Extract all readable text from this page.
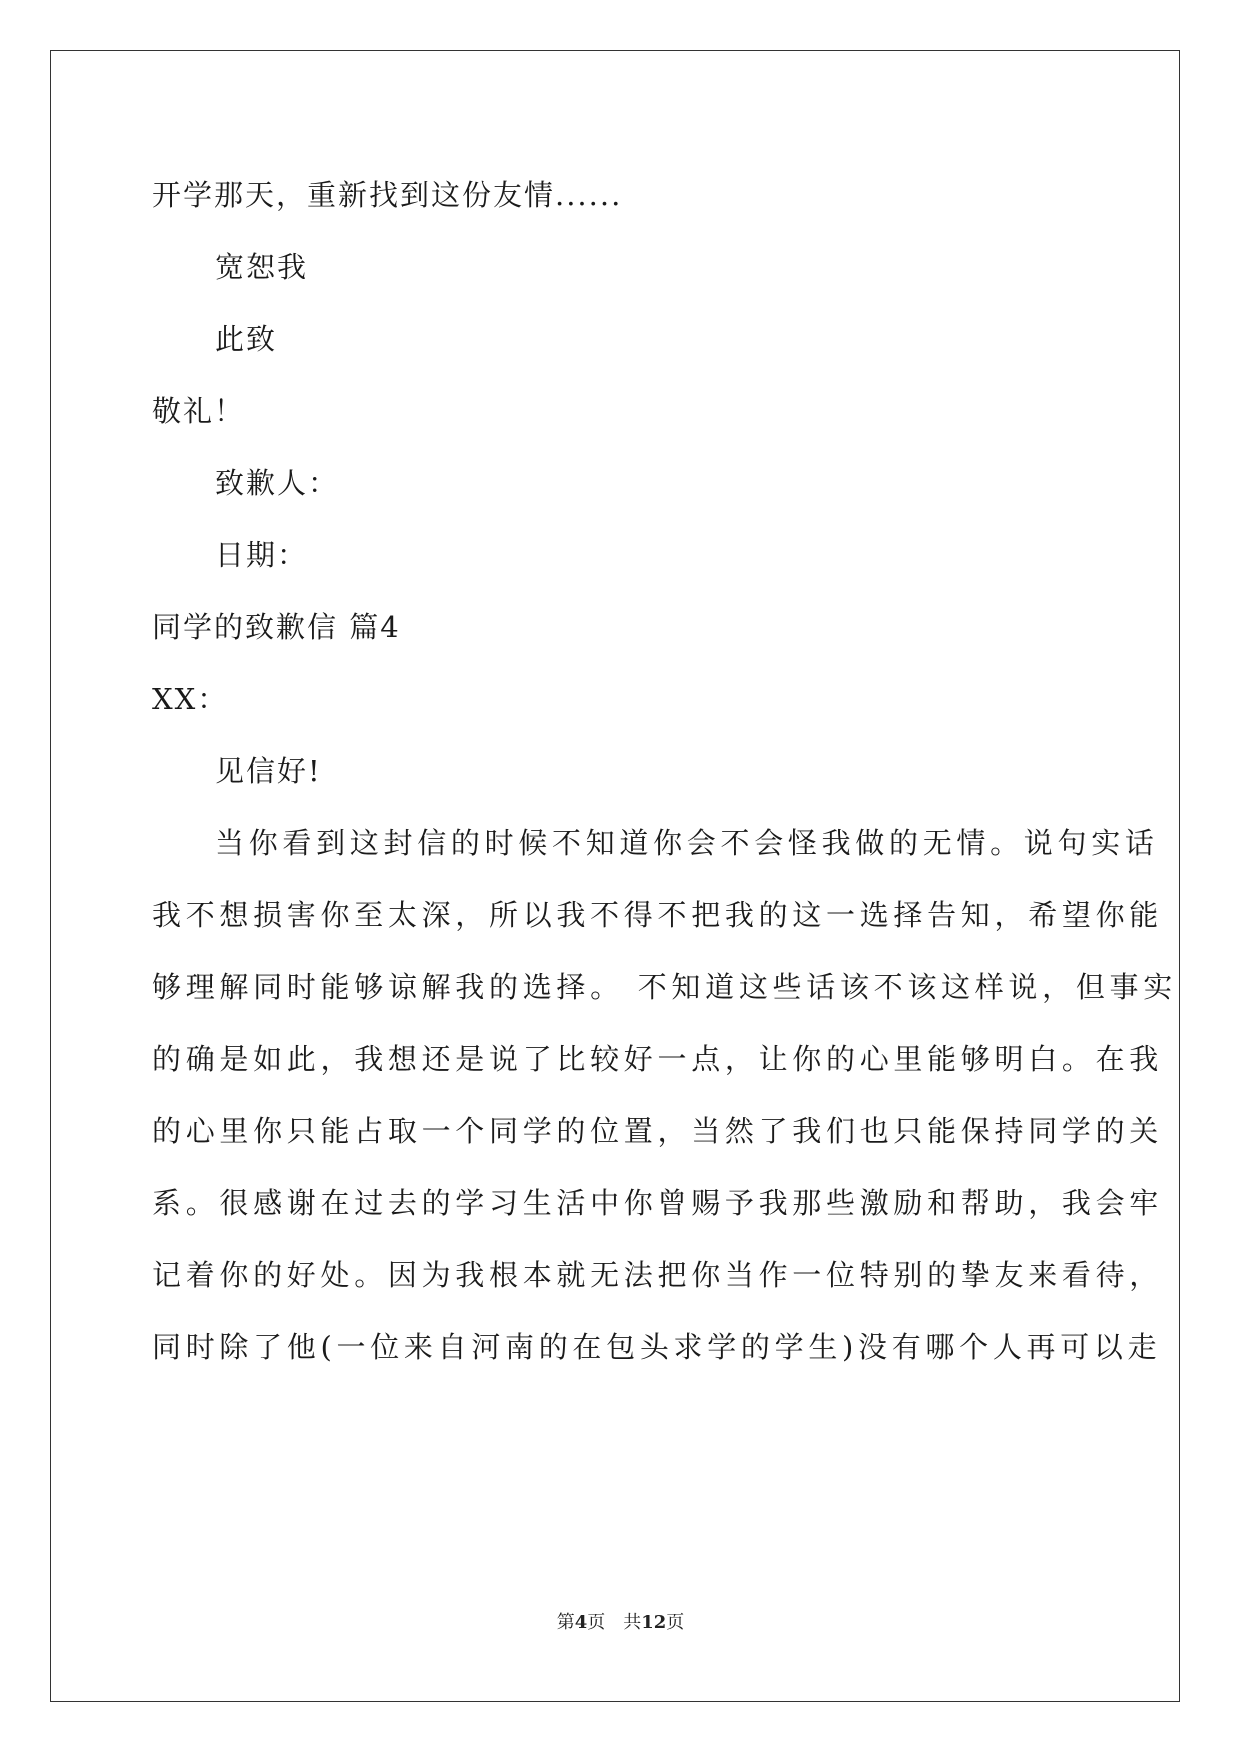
开学那天，重新找到这份友情......
宽恕我
此致
敬礼！
致歉人：
日期：
同学的致歉信 篇4
XX：
见信好!
当你看到这封信的时候不知道你会不会怪我做的无情。说句实话
我不想损害你至太深，所以我不得不把我的这一选择告知，希望你能
够理解同时能够谅解我的选择。 不知道这些话该不该这样说，但事实
的确是如此，我想还是说了比较好一点，让你的心里能够明白。在我
的心里你只能占取一个同学的位置，当然了我们也只能保持同学的关
系。很感谢在过去的学习生活中你曾赐予我那些激励和帮助，我会牢
记着你的好处。因为我根本就无法把你当作一位特别的挚友来看待，
同时除了他(一位来自河南的在包头求学的学生)没有哪个人再可以走
第4页 共12页
